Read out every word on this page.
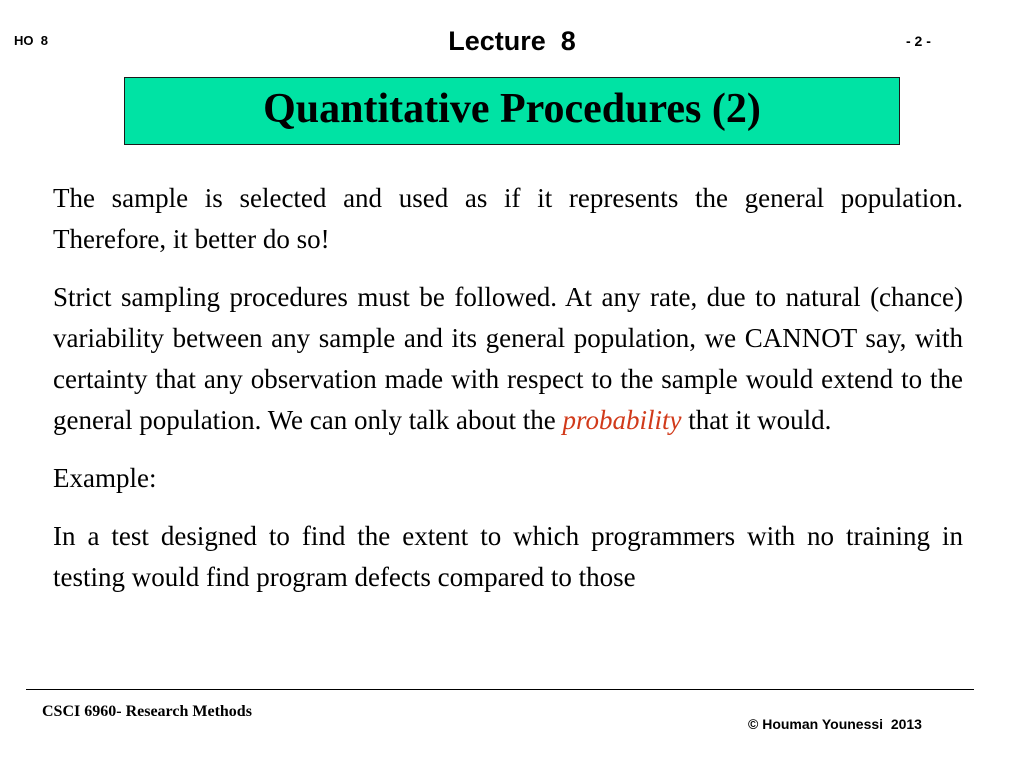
HO  8	Lecture  8	- 2 -
Quantitative Procedures (2)

The sample is selected and used as if it represents the general population. Therefore, it better do so!

Strict sampling procedures must be followed. At any rate, due to natural (chance) variability between any sample and its general population, we CANNOT say, with certainty that any observation made with respect to the sample would extend to the general population. We can only talk about the probability that it would.

Example:

In a test designed to find the extent to which programmers with no training in testing would find program defects compared to those

CSCI 6960- Research Methods
© Houman Younessi  2013
